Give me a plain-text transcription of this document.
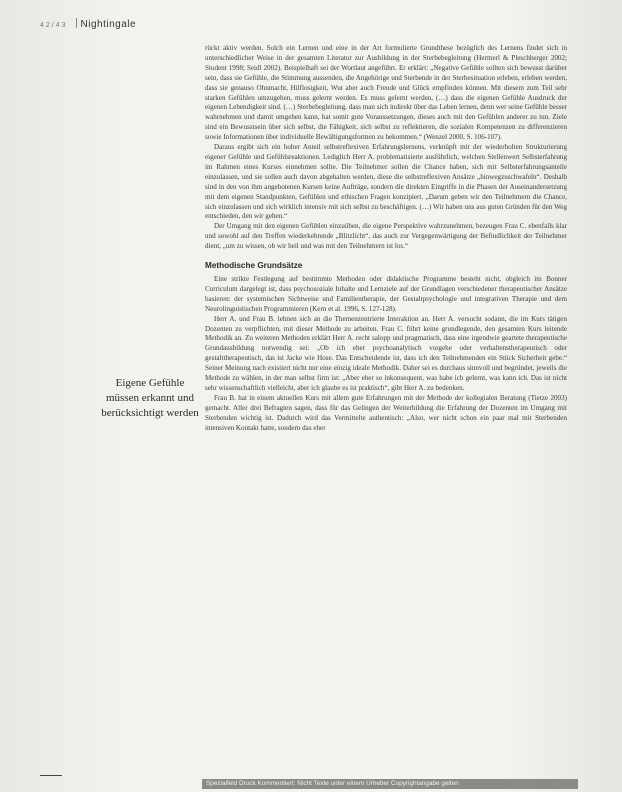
42/43 Nightingale
Eigene Gefühle müssen erkannt und berücksichtigt werden

rückt aktiv werden. Solch ein Lernen und eine in der Art formulierte Grundthese bezüglich des Lernens findet sich in unterschiedlicher Weise in der gesamten Literatur zur Ausbildung in der Sterbebegleitung (Hermerl & Pleschberger 2002; Student 1998; Seidl 2002). Beispielhaft sei der Wortlaut angeführt. Er erklärt: „Negative Gefühle sollten sich bewusst darüber sein, dass sie Gefühle, die Stimmung aussenden, die Angehörige und Sterbende in der Sterbesituation erleben, erleben werden, dass sie genauso Ohnmacht, Hilflosigkeit, Wut aber auch Freude und Glück empfinden können. Mit diesem zum Teil sehr starken Gefühlen umzugehen, muss gelernt werden. Es muss gelernt werden, (…) dass die eigenen Gefühle Ausdruck der eigenen Lebendigkeit sind. (…) Sterbebegleitung, dass man sich indirekt über das Leben lernen, denn wer seine Gefühle besser wahrnehmen und damit umgehen kann, hat somit gute Voraussetzungen, dieses auch mit den Gefühlen anderer zu tun. Ziele sind ein Bewusstsein über sich selbst, die Fähigkeit, sich selbst zu reflektieren, die sozialen Kompetenzen zu differenzieren sowie Informationen über individuelle Bewältigungsformen zu bekommen.“ (Wenzel 2000, S. 106-107).

Daraus ergibt sich ein hoher Anteil selbstreflexiven Erfahrungslernens, verknüpft mit der wiederholten Strukturierung eigener Gefühle und Gefühlsreaktionen. Lediglich Herr A. problematisierte ausführlich, welchen Stellenwert Selbsterfahrung im Rahmen eines Kurses einnehmen sollte. Die Teilnehmer sollen die Chance haben, sich mit Selbsterfahrungsanteile einzulassen, und sie sollen auch davon abgehalten werden, diese die selbstreflexiven Ansätze „hinwegzuschwafeln“. Deshalb sind in den von ihm angebotenen Kursen keine Aufträge, sondern die direkten Eingriffe in die Phasen der Auseinandersetzung mit dem eigenen Standpunkten, Gefühlen und ethischen Fragen konzipiert. „Darum geben wir den Teilnehmern die Chance, sich einzulassen und sich wirklich intensiv mit sich selbst zu beschäftigen. (…) Wir haben uns aus guten Gründen für den Weg entschieden, den wir gehen.“

Der Umgang mit den eigenen Gefühlen einzuüben, die eigene Perspektive wahrzunehmen, bezeugen Frau C. ebenfalls klar und sowohl auf den Treffen wiederkehrende „Blitzlicht“, das auch zur Vergegenwärtigung der Befindlichkeit der Teilnehmer dient, „um zu wissen, ob wir heil und was mit den Teilnehmern ist los.“

Methodische Grundsätze

Eine strikte Festlegung auf bestimmte Methoden oder didaktische Programme besteht nicht, obgleich im Bonner Curriculum dargelegt ist, dass psychosoziale Inhalte und Lernziele auf der Grundlagen verschiedener therapeutischer Ansätze basieren: der systemischen Sichtweise und Familientherapie, der Gestaltpsychologie und integrativen Therapie und dem Neurolinguistischen Programmieren (Kern et al. 1996, S. 127-128).

Herr A. und Frau B. lehnen sich an die Themenzentrierte Interaktion an. Herr A. versucht sodann, die im Kurs tätigen Dozenten zu verpflichten, mit dieser Methode zu arbeiten. Frau C. führt keine grundlegende, den gesamten Kurs leitende Methodik an. Zu weiteren Methoden erklärt Herr A. recht salopp und pragmatisch, dass eine irgendwie geartete therapeutische Grundausbildung notwendig sei: „Ob ich eher psychoanalytisch vorgehe oder verhaltenstherapeutisch oder gestalttherapeutisch, das ist Jacke wie Hose. Das Entscheidende ist, dass ich den Teilnehmenden ein Stück Sicherheit gebe.“ Seiner Meinung nach existiert nicht nur eine einzig ideale Methodik. Daher sei es durchaus sinnvoll und begründet, jeweils die Methode zu wählen, in der man selbst firm ist: „Aber eher so inkonsequent, was habe ich gelernt, was kann ich. Das ist nicht sehr wissenschaftlich vielleicht, aber ich glaube es ist praktisch“, gibt Herr A. zu bedenken.

Frau B. hat in einem aktuellen Kurs mit allem gute Erfahrungen mit der Methode der kollegialen Beratung (Tietze 2003) gemacht. Aller drei Befragten sagen, dass für das Gelingen der Weiterbildung die Erfahrung der Dozenten im Umgang mit Sterbenden wichtig ist. Dadurch wird das Vermittelte authentisch: „Also, wer nicht schon ein paar mal mit Sterbenden intensiven Kontakt hatte, sondern das eher

Spezialfeld Druck Kommentiert: Nicht Texte unter einem Urheber Copyrightangabe gelten
